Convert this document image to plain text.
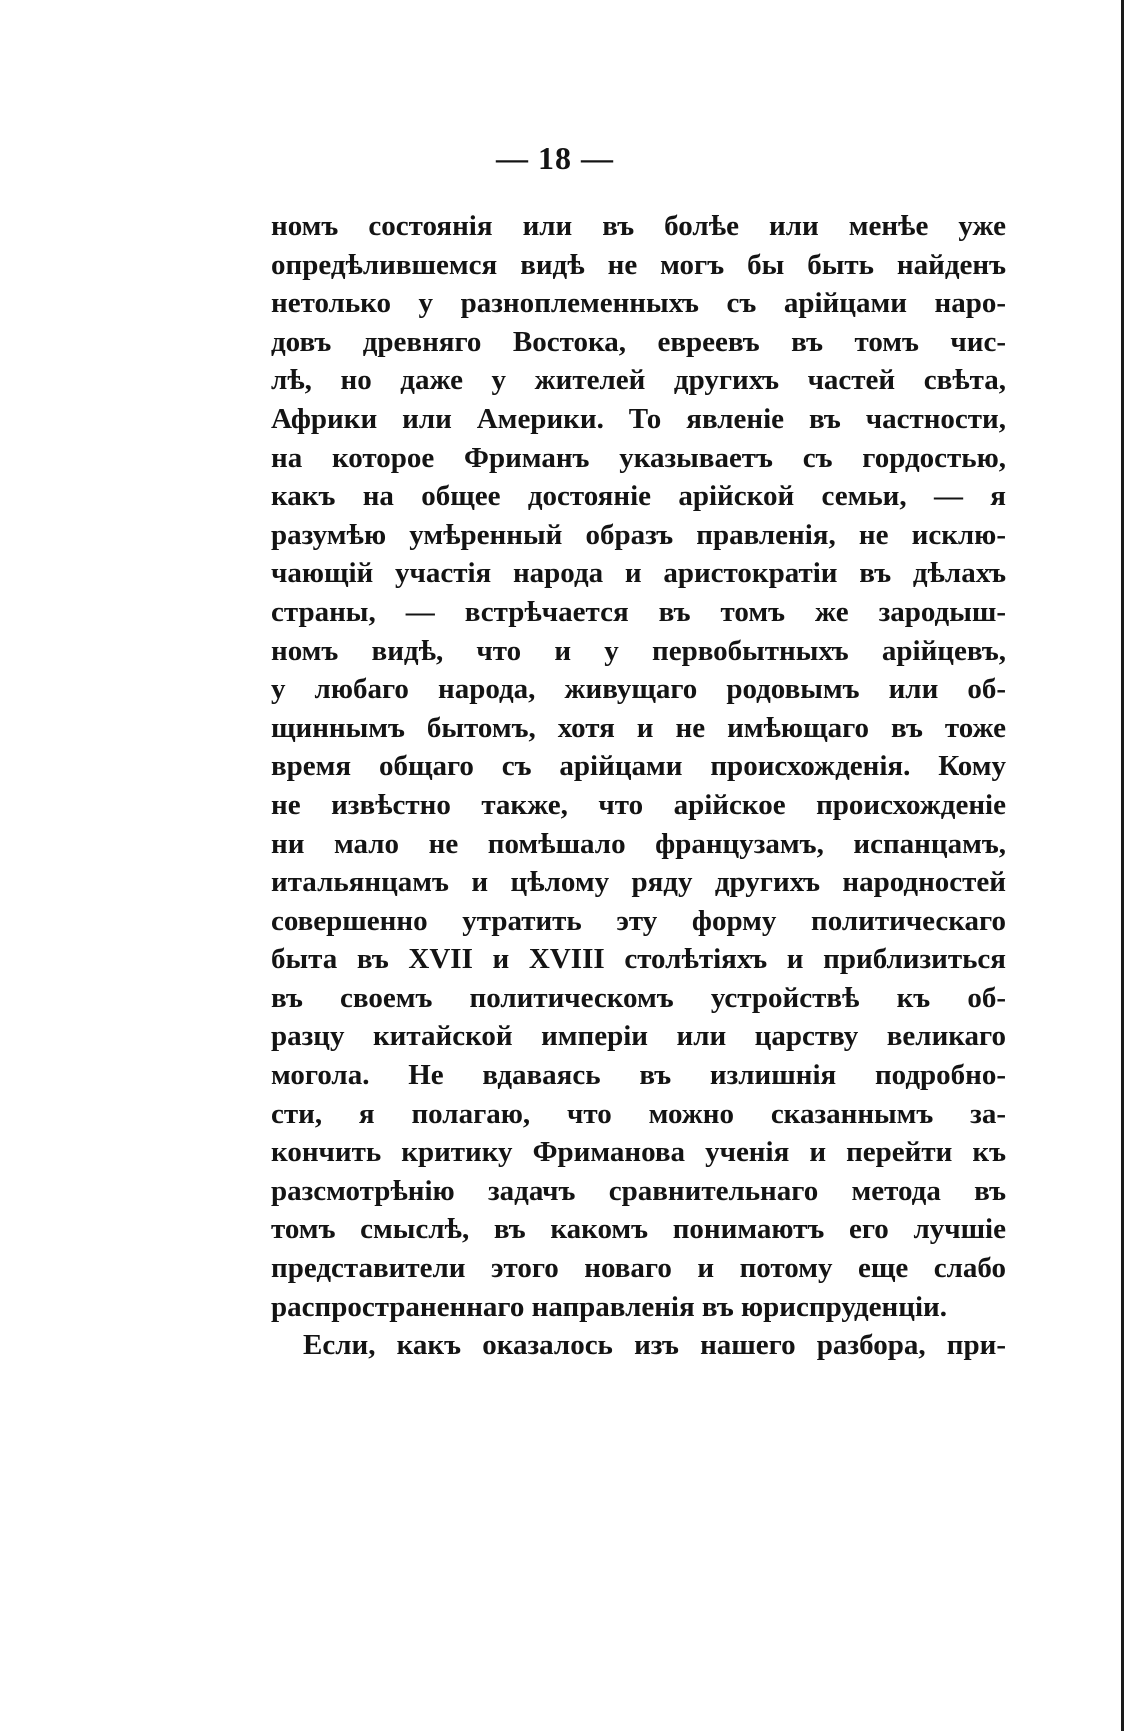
— 18 —
номъ состоянія или въ болѣе или менѣе уже
опредѣлившемся видѣ не могъ бы быть найденъ
нетолько у разноплеменныхъ съ арійцами наро-
довъ древняго Востока, евреевъ въ томъ чис-
лѣ, но даже у жителей другихъ частей свѣта,
Африки или Америки. То явленіе въ частности,
на которое Фриманъ указываетъ съ гордостью,
какъ на общее достояніе арійской семьи, — я
разумѣю умѣренный образъ правленія, не исклю-
чающій участія народа и аристократіи въ дѣлахъ
страны, — встрѣчается въ томъ же зародыш-
номъ видѣ, что и у первобытныхъ арійцевъ,
у любаго народа, живущаго родовымъ или об-
щиннымъ бытомъ, хотя и не имѣющаго въ тоже
время общаго съ арійцами происхожденія. Кому
не извѣстно также, что арійское происхожденіе
ни мало не помѣшало французамъ, испанцамъ,
итальянцамъ и цѣлому ряду другихъ народностей
совершенно утратить эту форму политическаго
быта въ XVII и XVIII столѣтіяхъ и приблизиться
въ своемъ политическомъ устройствѣ къ об-
разцу китайской имперіи или царству великаго
могола. Не вдаваясь въ излишнія подробно-
сти, я полагаю, что можно сказаннымъ за-
кончить критику Фриманова ученія и перейти къ
разсмотрѣнію задачъ сравнительнаго метода въ
томъ смыслѣ, въ какомъ понимаютъ его лучшіе
представители этого новаго и потому еще слабо
распространеннаго направленія въ юриспруденціи.
Если, какъ оказалось изъ нашего разбора, при-
